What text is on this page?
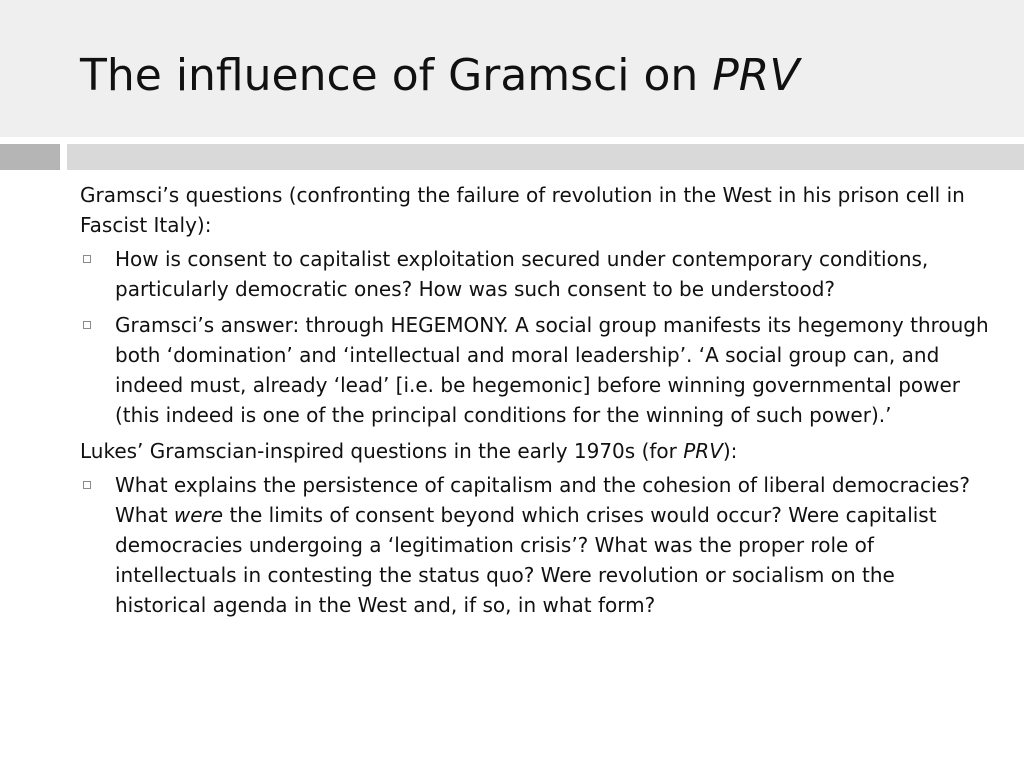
The influence of Gramsci on PRV

Gramsci’s questions (confronting the failure of revolution in the West in his prison cell in Fascist Italy):

How is consent to capitalist exploitation secured under contemporary conditions, particularly democratic ones? How was such consent to be understood?
Gramsci’s answer: through HEGEMONY. A social group manifests its hegemony through both ‘domination’ and ‘intellectual and moral leadership’. ‘A social group can, and indeed must, already ‘lead’ [i.e. be hegemonic] before winning governmental power (this indeed is one of the principal conditions for the winning of such power).’

Lukes’ Gramscian-inspired questions in the early 1970s (for PRV):

What explains the persistence of capitalism and the cohesion of liberal democracies? What were the limits of consent beyond which crises would occur? Were capitalist democracies undergoing a ‘legitimation crisis’? What was the proper role of intellectuals in contesting the status quo? Were revolution or socialism on the historical agenda in the West and, if so, in what form?
